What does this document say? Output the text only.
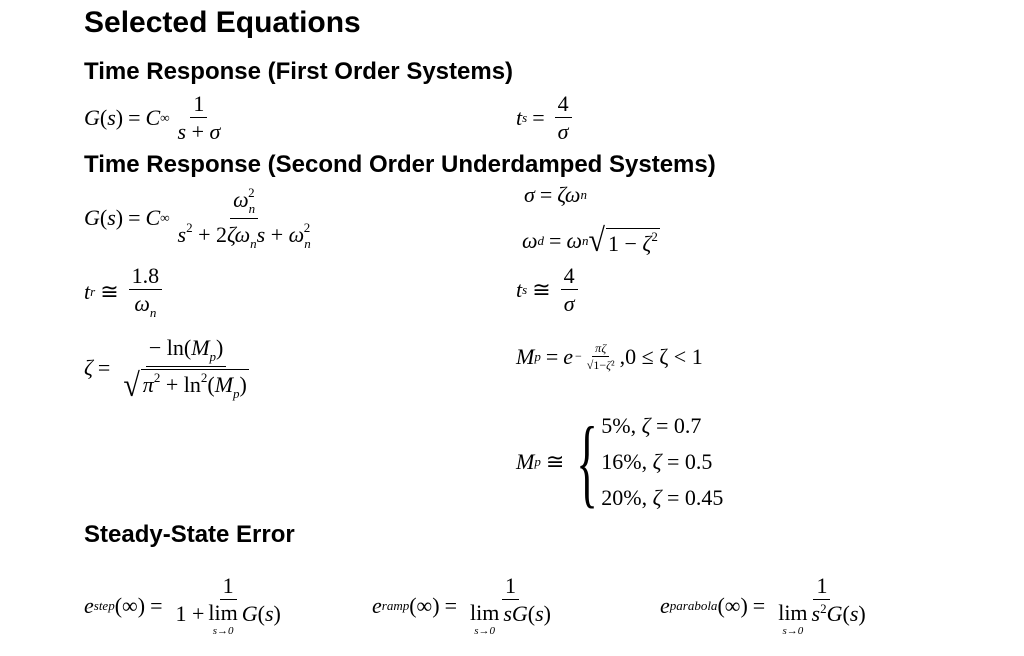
Selected Equations
Time Response (First Order Systems)
G ( s ) = C ∞ $\frac{1}{s + \sigma}$	t $s = \frac{4}{\sigma}$
Time Response (Second Order Underdamped Systems)
σ = ζω n
G ( s ) = C ∞ $\frac{\omega_n^2}{s^2 + 2\zeta\omega_ns + \omega_n^2}$	ω d = ω n √ $1 - \zeta^2$
t r ≅ $\frac{1.8}{\omega_n}$	t s ≅ $\frac{4}{\sigma}$
$\zeta = \frac{- \ln(M_p)}{√ \pi^2 + \ln^2(M_p)}$	M $p = e - \frac{\pi\zeta}{\text{√1−ζ²}} ,0 \le \zeta < 1$
M p ≅ { 5%, ζ = 0.7
16%, ζ = 0.5
20%, ζ = 0.45
Steady-State Error
e step (∞) = 1
1 + lim
s→0
G ( s )	e ramp (∞) = 1
lim
s→0
sG ( s )	e parabola (∞) = 1
lim
s→0
s 2 G ( s )
